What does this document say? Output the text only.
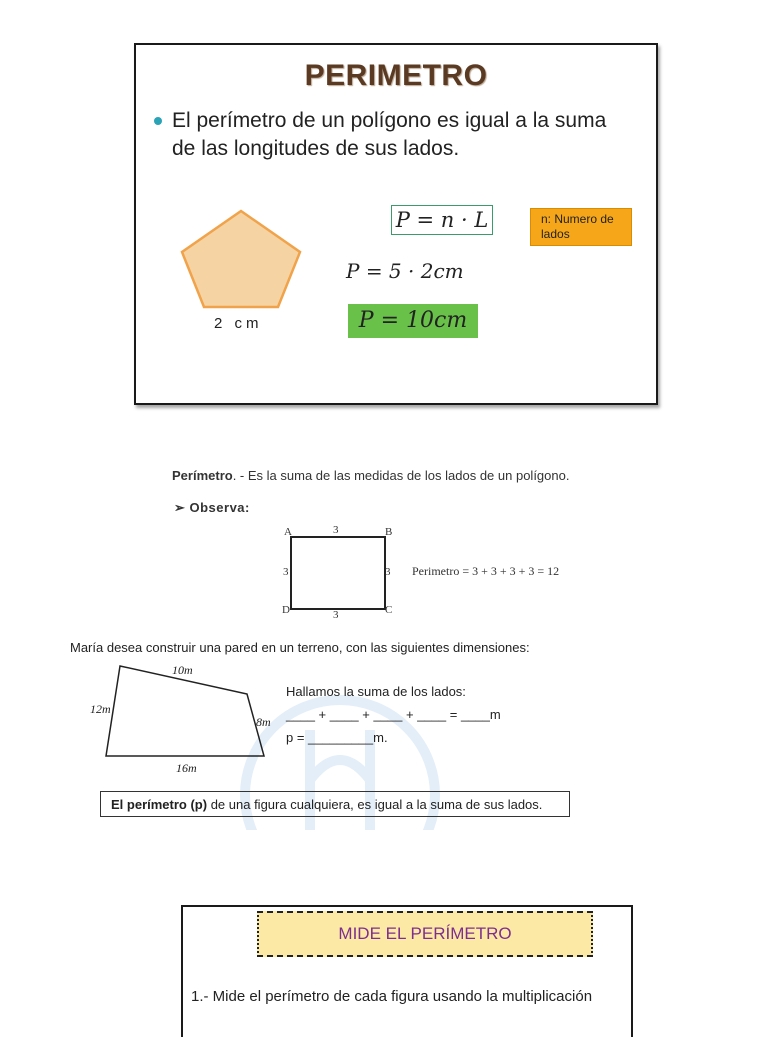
PERIMETRO
El perímetro de un polígono es igual a la suma de las longitudes de sus lados.
2 cm
P = n · L	n: Numero de lados
P = 5 · 2cm
P = 10cm
Perímetro. - Es la suma de las medidas de los lados de un polígono.
➢ Observa:
A	B
C
D
3
3
3
3	Perimetro = 3 + 3 + 3 + 3 = 12
María desea construir una pared en un terreno, con las siguientes dimensiones:
10m
12m
8m
16m
Hallamos la suma de los lados:
____ + ____ + ____ + ____ = ____m
p = _________m.
El perímetro (p) de una figura cualquiera, es igual a la suma de sus lados.
MIDE EL PERÍMETRO
1.- Mide el perímetro de cada figura usando la multiplicación
